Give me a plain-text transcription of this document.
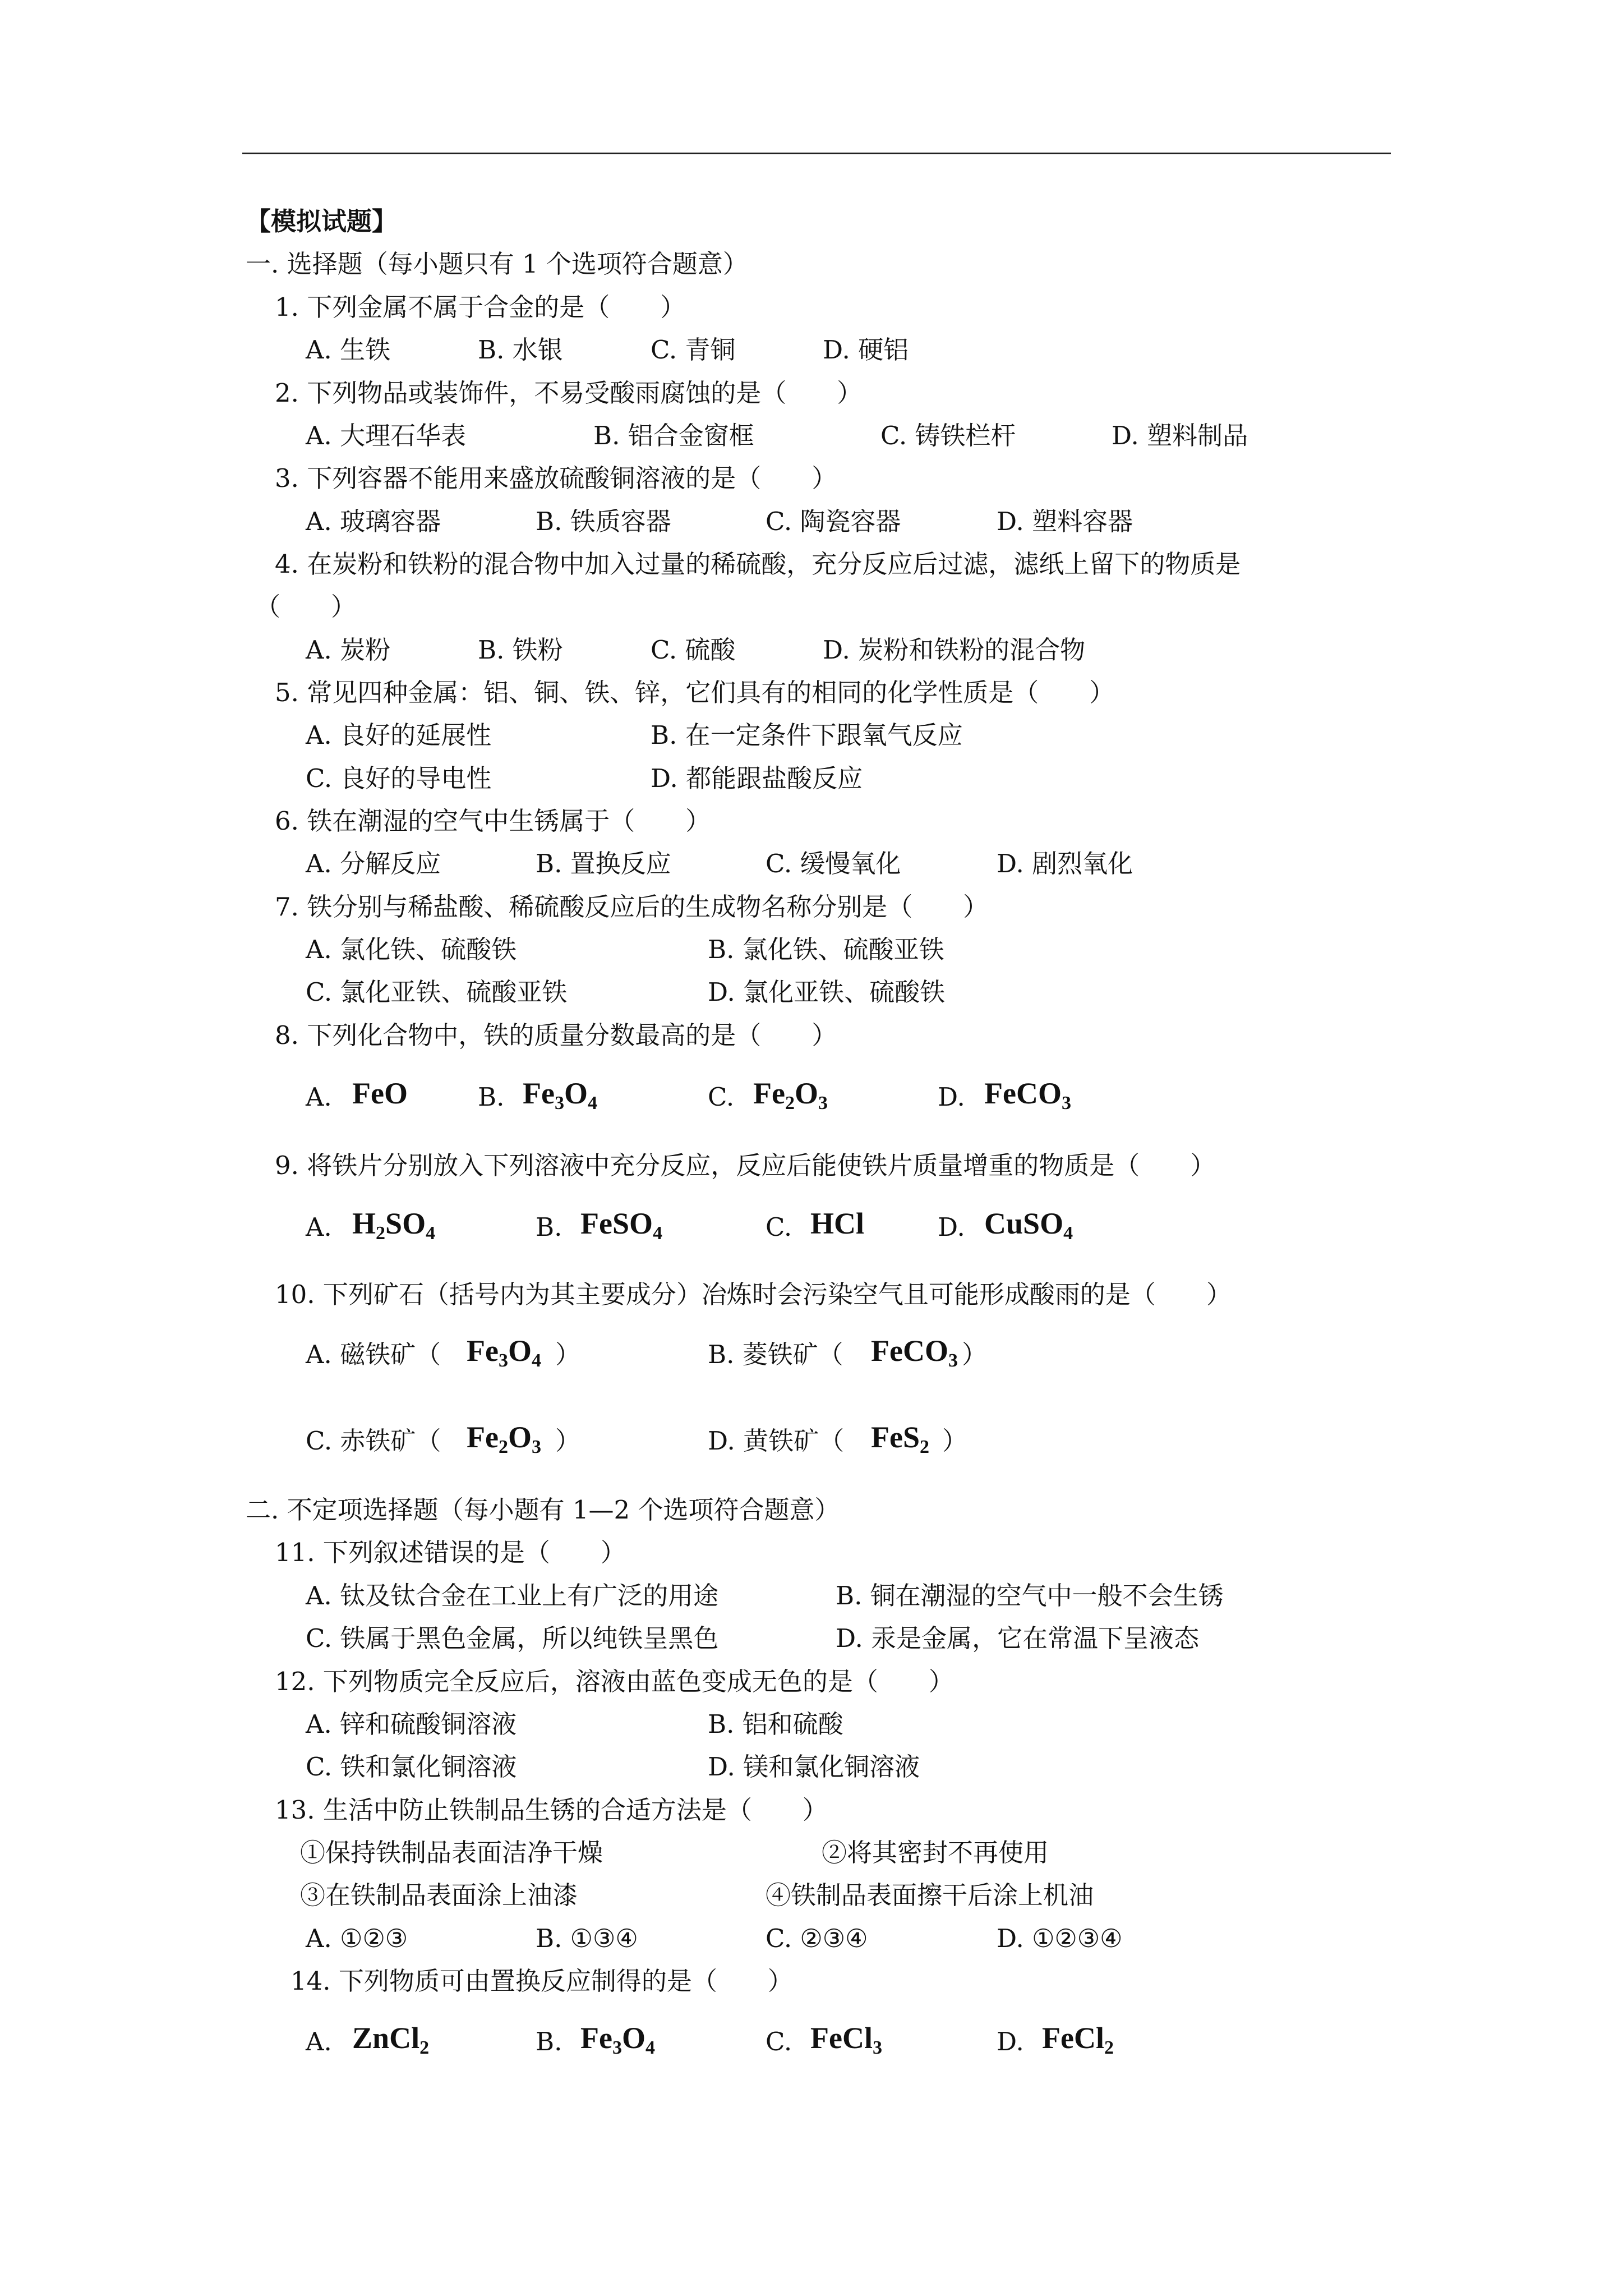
【模拟试题】
一. 选择题（每小题只有 1 个选项符合题意）
1. 下列金属不属于合金的是（　　）
A. 生铁	B. 水银	C. 青铜	D. 硬铝
2. 下列物品或装饰件，不易受酸雨腐蚀的是（　　）
A. 大理石华表	B. 铝合金窗框	C. 铸铁栏杆	D. 塑料制品
3. 下列容器不能用来盛放硫酸铜溶液的是（　　）
A. 玻璃容器	B. 铁质容器	C. 陶瓷容器	D. 塑料容器
4. 在炭粉和铁粉的混合物中加入过量的稀硫酸，充分反应后过滤，滤纸上留下的物质是
（　　）
A. 炭粉	B. 铁粉	C. 硫酸	D. 炭粉和铁粉的混合物
5. 常见四种金属：铝、铜、铁、锌，它们具有的相同的化学性质是（　　）
A. 良好的延展性	B. 在一定条件下跟氧气反应
C. 良好的导电性	D. 都能跟盐酸反应
6. 铁在潮湿的空气中生锈属于（　　）
A. 分解反应	B. 置换反应	C. 缓慢氧化	D. 剧烈氧化
7. 铁分别与稀盐酸、稀硫酸反应后的生成物名称分别是（　　）
A. 氯化铁、硫酸铁	B. 氯化铁、硫酸亚铁
C. 氯化亚铁、硫酸亚铁	D. 氯化亚铁、硫酸铁
8. 下列化合物中，铁的质量分数最高的是（　　）
A. FeO	B. $Fe_3O_4$	C. $Fe_2O_3$	D. FeCO$_3$
9. 将铁片分别放入下列溶液中充分反应，反应后能使铁片质量增重的物质是（　　）
A. $H_2SO_4$	B. FeSO$_4$	C. HCl	D. CuSO$_4$
10. 下列矿石（括号内为其主要成分）冶炼时会污染空气且可能形成酸雨的是（　　）
A. 磁铁矿（ $Fe_3O_4$ ）	B. 菱铁矿（ FeCO$_3$ ）
C. 赤铁矿（ $Fe_2O_3$ ）	D. 黄铁矿（ FeS$_2$ ）
二. 不定项选择题（每小题有 1—2 个选项符合题意）
11. 下列叙述错误的是（　　）
A. 钛及钛合金在工业上有广泛的用途	B. 铜在潮湿的空气中一般不会生锈
C. 铁属于黑色金属，所以纯铁呈黑色	D. 汞是金属，它在常温下呈液态
12. 下列物质完全反应后，溶液由蓝色变成无色的是（　　）
A. 锌和硫酸铜溶液	B. 铝和硫酸
C. 铁和氯化铜溶液	D. 镁和氯化铜溶液
13. 生活中防止铁制品生锈的合适方法是（　　）
①保持铁制品表面洁净干燥	②将其密封不再使用
③在铁制品表面涂上油漆	④铁制品表面擦干后涂上机油
A. ①②③	B. ①③④	C. ②③④	D. ①②③④
14. 下列物质可由置换反应制得的是（　　）
A. ZnCl$_2$	B. $Fe_3O_4$	C. FeCl$_3$	D. FeCl$_2$
